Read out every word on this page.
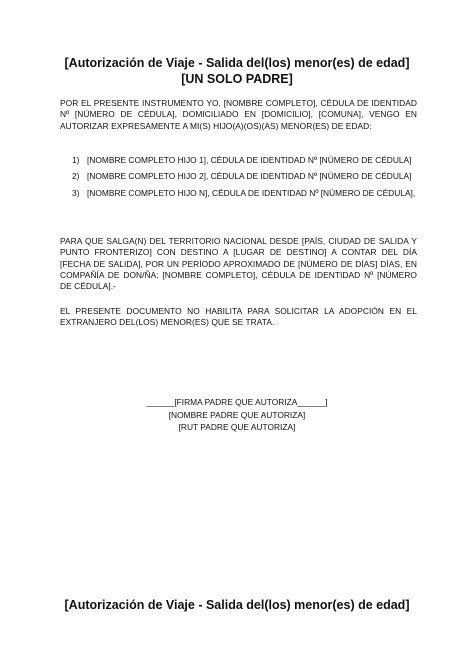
[Autorización de Viaje - Salida del(los) menor(es) de edad]
[UN SOLO PADRE]

POR EL PRESENTE INSTRUMENTO YO, [NOMBRE COMPLETO], CÉDULA DE IDENTIDAD Nº [NÚMERO DE CÉDULA], DOMICILIADO EN [DOMICILIO], [COMUNA], VENGO EN AUTORIZAR EXPRESAMENTE A MI(S) HIJO(A)(OS)(AS) MENOR(ES) DE EDAD:

1) [NOMBRE COMPLETO HIJO 1], CÉDULA DE IDENTIDAD Nº [NÚMERO DE CÉDULA]
2) [NOMBRE COMPLETO HIJO 2], CÉDULA DE IDENTIDAD Nº [NÚMERO DE CÉDULA]
3) [NOMBRE COMPLETO HIJO N], CÉDULA DE IDENTIDAD Nº [NÚMERO DE CÉDULA],

PARA QUE SALGA(N) DEL TERRITORIO NACIONAL DESDE [PAÍS, CIUDAD DE SALIDA Y PUNTO FRONTERIZO] CON DESTINO A [LUGAR DE DESTINO] A CONTAR DEL DÍA [FECHA DE SALIDA], POR UN PERÍODO APROXIMADO DE [NÚMERO DE DÍAS] DÍAS, EN COMPAÑÍA DE DON/ÑA: [NOMBRE COMPLETO], CÉDULA DE IDENTIDAD Nº [NÚMERO DE CÉDULA].-

EL PRESENTE DOCUMENTO NO HABILITA PARA SOLICITAR LA ADOPCIÓN EN EL EXTRANJERO DEL(LOS) MENOR(ES) QUE SE TRATA.

______[FIRMA PADRE QUE AUTORIZA______]
[NOMBRE PADRE QUE AUTORIZA]
[RUT PADRE QUE AUTORIZA]
[Autorización de Viaje - Salida del(los) menor(es) de edad]
